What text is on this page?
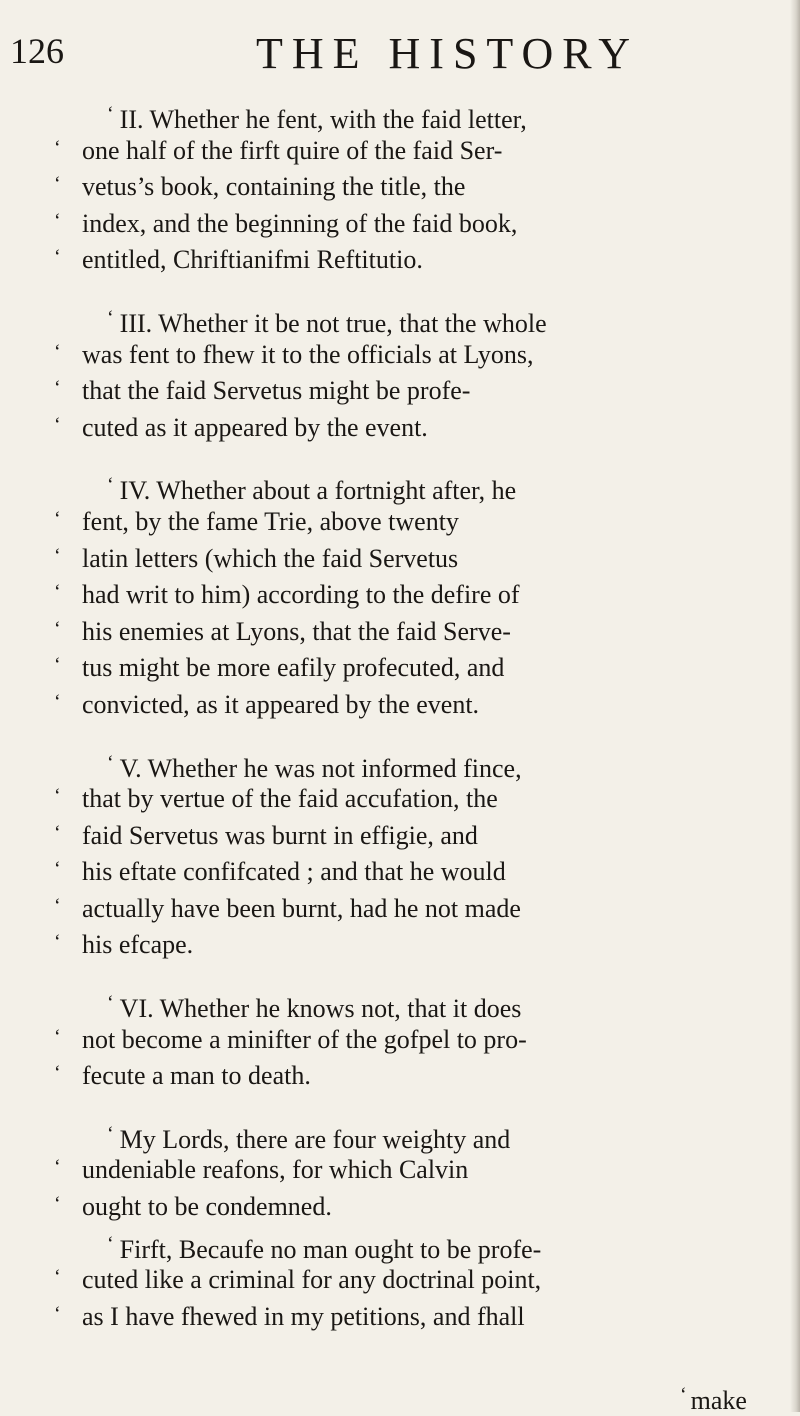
126	THE HISTORY
‘ II. Whether he fent, with the faid letter,
‘ one half of the firft quire of the faid Ser-
‘ vetus’s book, containing the title, the
‘ index, and the beginning of the faid book,
‘ entitled, Chriftianifmi Reftitutio.
‘ III. Whether it be not true, that the whole
‘ was fent to fhew it to the officials at Lyons,
‘ that the faid Servetus might be profe-
‘ cuted as it appeared by the event.
‘ IV. Whether about a fortnight after, he
‘ fent, by the fame Trie, above twenty
‘ latin letters (which the faid Servetus
‘ had writ to him) according to the defire of
‘ his enemies at Lyons, that the faid Serve-
‘ tus might be more eafily profecuted, and
‘ convicted, as it appeared by the event.
‘ V. Whether he was not informed fince,
‘ that by vertue of the faid accufation, the
‘ faid Servetus was burnt in effigie, and
‘ his eftate confifcated ; and that he would
‘ actually have been burnt, had he not made
‘ his efcape.
‘ VI. Whether he knows not, that it does
‘ not become a minifter of the gofpel to pro-
‘ fecute a man to death.
‘ My Lords, there are four weighty and
‘ undeniable reafons, for which Calvin
‘ ought to be condemned.
‘ Firft, Becaufe no man ought to be profe-
‘ cuted like a criminal for any doctrinal point,
‘ as I have fhewed in my petitions, and fhall
‘ make
